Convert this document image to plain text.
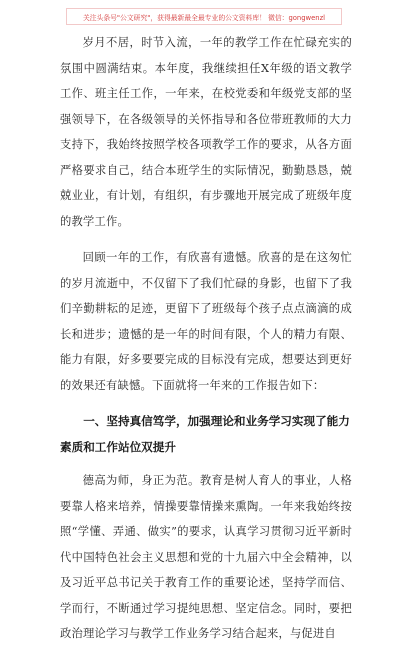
关注头条号"公文研究"，获得最新最全最专业的公文资料库！ 微信：gongwenzl

岁月不居，时节入流，一年的教学工作在忙碌充实的氛围中圆满结束。本年度，我继续担任X年级的语文教学工作、班主任工作，一年来，在校党委和年级党支部的坚强领导下，在各级领导的关怀指导和各位带班教师的大力支持下，我始终按照学校各项教学工作的要求，从各方面严格要求自己，结合本班学生的实际情况，勤勤恳恳，兢兢业业，有计划，有组织，有步骤地开展完成了班级年度的教学工作。

回顾一年的工作，有欣喜有遗憾。欣喜的是在这匆忙的岁月流逝中，不仅留下了我们忙碌的身影，也留下了我们辛勤耕耘的足迹，更留下了班级每个孩子点点滴滴的成长和进步；遗憾的是一年的时间有限，个人的精力有限、能力有限，好多要要完成的目标没有完成，想要达到更好的效果还有缺憾。下面就将一年来的工作报告如下：

一、坚持真信笃学，加强理论和业务学习实现了能力素质和工作站位双提升

德高为师，身正为范。教育是树人育人的事业，人格要靠人格来培养，情操要靠情操来熏陶。一年来我始终按照“学懂、弄通、做实”的要求，认真学习贯彻习近平新时代中国特色社会主义思想和党的十九届六中全会精神，以及习近平总书记关于教育工作的重要论述，坚持学而信、学而行，不断通过学习提纯思想、坚定信念。同时，要把政治理论学习与教学工作业务学习结合起来，与促进自
